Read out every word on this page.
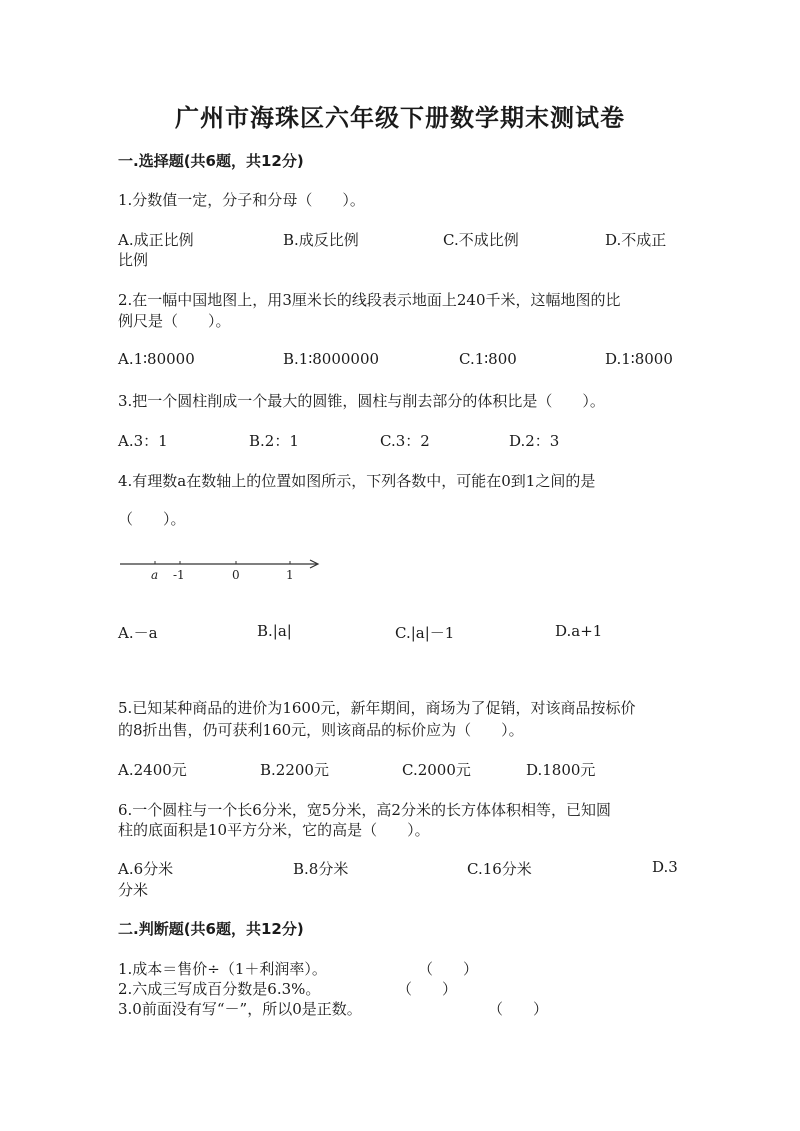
广州市海珠区六年级下册数学期末测试卷
一.选择题(共6题，共12分)
1.分数值一定，分子和分母（　　）。
A.成正比例	B.成反比例	C.不成比例	D.不成正
比例
2.在一幅中国地图上，用3厘米长的线段表示地面上240千米，这幅地图的比
例尺是（　　）。
A.1∶80000	B.1∶8000000	C.1∶800	D.1∶8000
3.把一个圆柱削成一个最大的圆锥，圆柱与削去部分的体积比是（　　）。
A.3：1	B.2：1	C.3：2	D.2：3
4.有理数a在数轴上的位置如图所示，下列各数中，可能在0到1之间的是
（　　）。
a -1	0	1
A.－a	B.|a|	C.|a|－1	D.a+1
5.已知某种商品的进价为1600元，新年期间，商场为了促销，对该商品按标价
的8折出售，仍可获利160元，则该商品的标价应为（　　）。
A.2400元	B.2200元	C.2000元	D.1800元
6.一个圆柱与一个长6分米，宽5分米，高2分米的长方体体积相等，已知圆
柱的底面积是10平方分米，它的高是（　　）。
A.6分米	B.8分米	C.16分米	D.3
分米
二.判断题(共6题，共12分)
1.成本＝售价÷（1＋利润率）。	（　　）
2.六成三写成百分数是6.3%。	（　　）
3.0前面没有写“－”，所以0是正数。	（　　）
